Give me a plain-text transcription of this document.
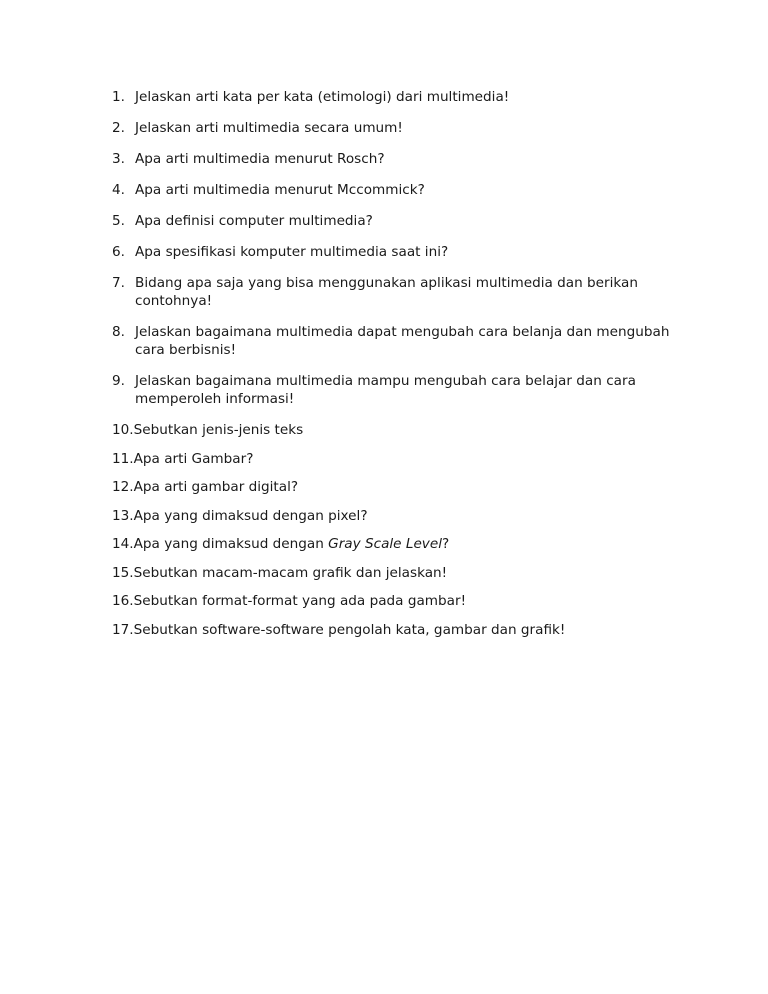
1. Jelaskan arti kata per kata (etimologi) dari multimedia!
2. Jelaskan arti multimedia secara umum!
3. Apa arti multimedia menurut Rosch?
4. Apa arti multimedia menurut Mccommick?
5. Apa definisi computer multimedia?
6. Apa spesifikasi komputer multimedia saat ini?
7. Bidang apa saja yang bisa menggunakan aplikasi multimedia dan berikan contohnya!
8. Jelaskan bagaimana multimedia dapat mengubah cara belanja dan mengubah cara berbisnis!
9. Jelaskan bagaimana multimedia mampu mengubah cara belajar dan cara memperoleh informasi!
10. Sebutkan jenis-jenis teks
11. Apa arti Gambar?
12. Apa arti gambar digital?
13. Apa yang dimaksud dengan pixel?
14. Apa yang dimaksud dengan Gray Scale Level?
15. Sebutkan macam-macam grafik dan jelaskan!
16. Sebutkan format-format yang ada pada gambar!
17. Sebutkan software-software pengolah kata, gambar dan grafik!
